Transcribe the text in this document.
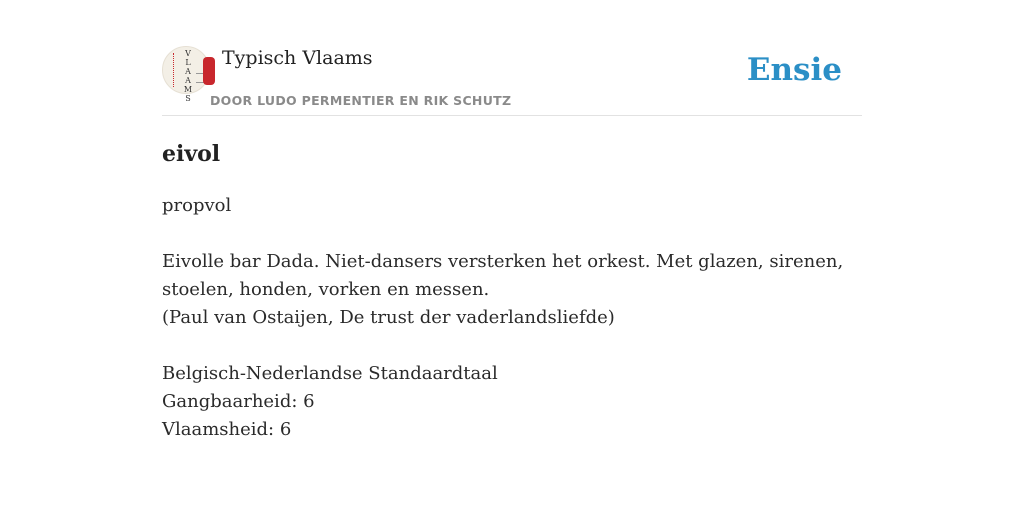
V
L
A
A
M
S
Typisch Vlaams
DOOR LUDO PERMENTIER EN RIK SCHUTZ
Ensie
eivol

propvol

Eivolle bar Dada. Niet-dansers versterken het orkest. Met glazen, sirenen,

stoelen, honden, vorken en messen.

(Paul van Ostaijen, De trust der vaderlandsliefde)

Belgisch-Nederlandse Standaardtaal

Gangbaarheid: 6

Vlaamsheid: 6
